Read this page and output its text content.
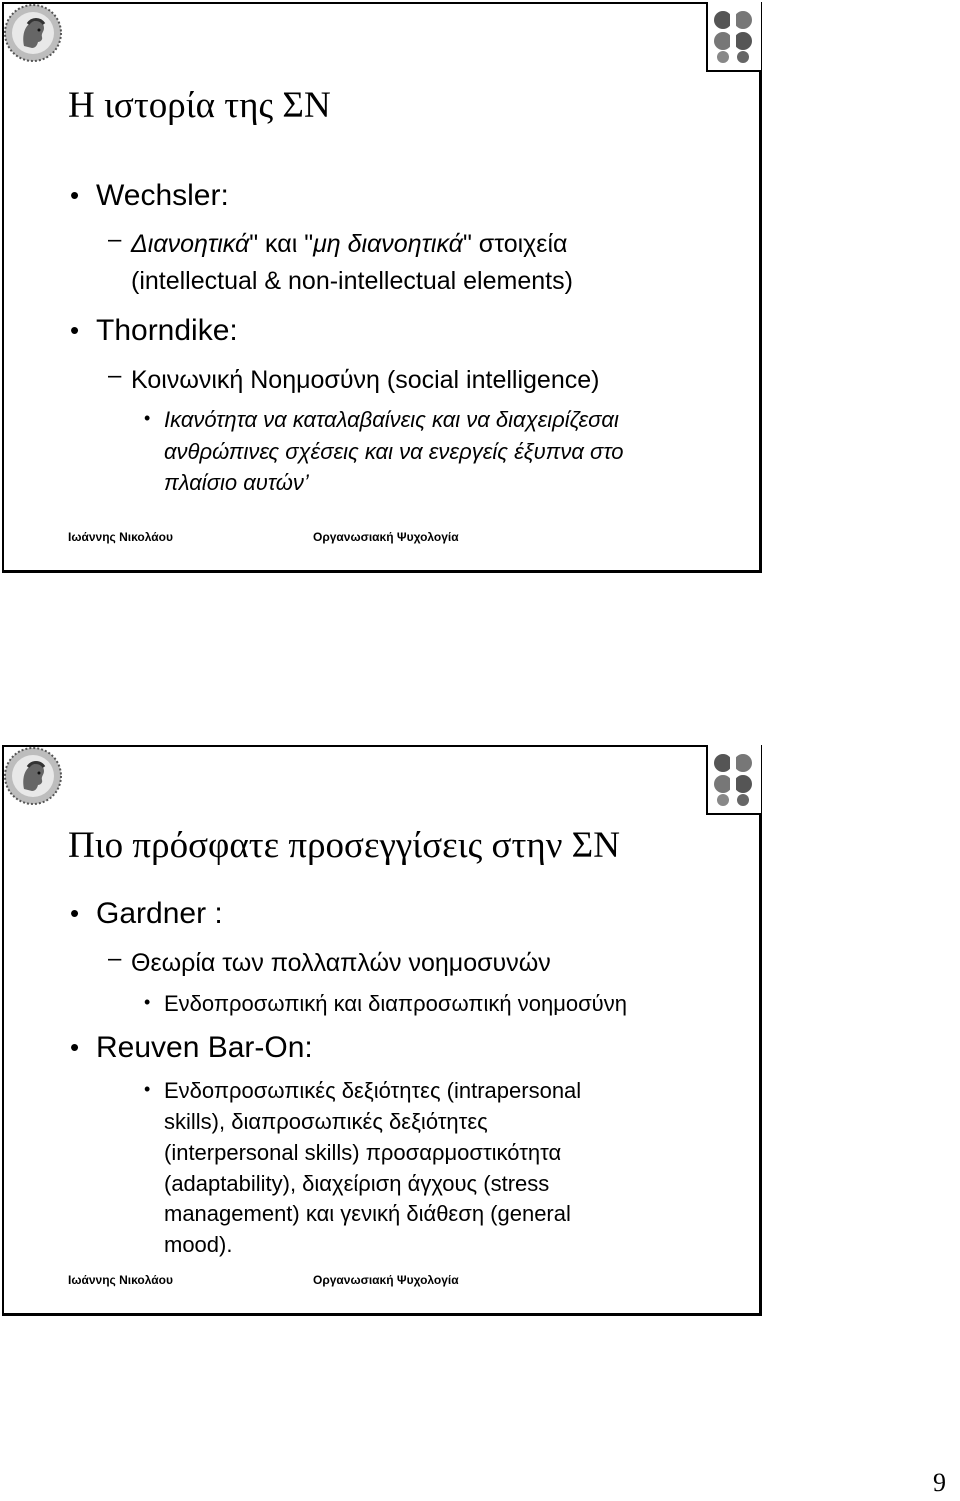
Η ιστορία της ΣΝ
• Wechsler:
– Διανοητικά" και "μη διανοητικά" στοιχεία
(intellectual & non-intellectual elements)
• Thorndike:
– Κοινωνική Νοημοσύνη (social intelligence)
• Ικανότητα να καταλαβαίνεις και να διαχειρίζεσαι
ανθρώπινες σχέσεις και να ενεργείς έξυπνα στο
πλαίσιο αυτών’
Ιωάννης Νικολάου	Οργανωσιακή Ψυχολογία
Πιο πρόσφατε προσεγγίσεις στην ΣΝ
• Gardner :
– Θεωρία των πολλαπλών νοημοσυνών
• Ενδοπροσωπική και διαπροσωπική νοημοσύνη
• Reuven Bar-On:
• Ενδοπροσωπικές δεξιότητες (intrapersonal
skills), διαπροσωπικές δεξιότητες
(interpersonal skills) προσαρμοστικότητα
(adaptability), διαχείριση άγχους (stress
management) και γενική διάθεση (general
mood).
Ιωάννης Νικολάου	Οργανωσιακή Ψυχολογία
9
